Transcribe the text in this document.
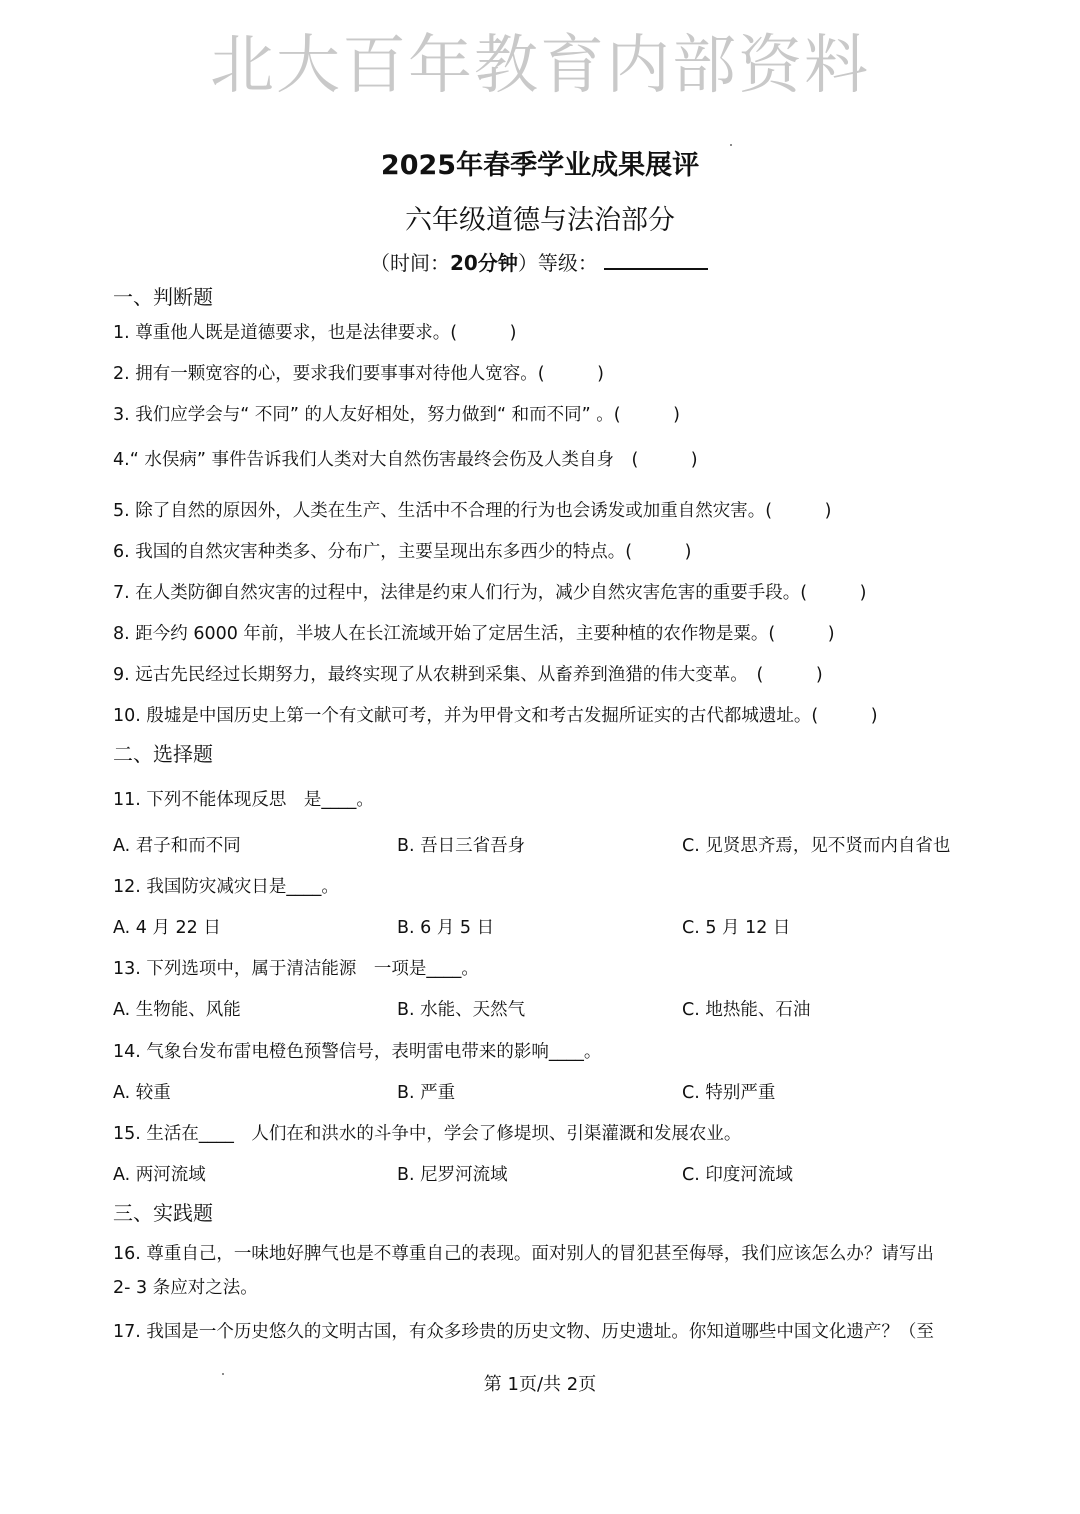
北大百年教育内部资料
2025年春季学业成果展评
六年级道德与法治部分
（时间：20分钟）等级：
一、判断题
1. 尊重他人既是道德要求，也是法律要求。(　　　)
2. 拥有一颗宽容的心，要求我们要事事对待他人宽容。(　　　)
3. 我们应学会与“ 不同” 的人友好相处，努力做到“ 和而不同” 。(　　　)
4.“ 水俣病” 事件告诉我们人类对大自然伤害最终会伤及人类自身　(　　　)
5. 除了自然的原因外，人类在生产、生活中不合理的行为也会诱发或加重自然灾害。(　　　)
6. 我国的自然灾害种类多、分布广，主要呈现出东多西少的特点。(　　　)
7. 在人类防御自然灾害的过程中，法律是约束人们行为，减少自然灾害危害的重要手段。(　　　)
8. 距今约 6000 年前，半坡人在长江流域开始了定居生活，主要种植的农作物是粟。(　　　)
9. 远古先民经过长期努力，最终实现了从农耕到采集、从畜养到渔猎的伟大变革。　(　　　)
10. 殷墟是中国历史上第一个有文献可考，并为甲骨文和考古发掘所证实的古代都城遗址。(　　　)
二、选择题
11. 下列不能体现反思　是____。
A. 君子和而不同	B. 吾日三省吾身	C. 见贤思齐焉，见不贤而内自省也
12. 我国防灾减灾日是____。
A. 4 月 22 日	B. 6 月 5 日	C. 5 月 12 日
13. 下列选项中，属于清洁能源　一项是____。
A. 生物能、风能	B. 水能、天然气	C. 地热能、石油
14. 气象台发布雷电橙色预警信号，表明雷电带来的影响____。
A. 较重	B. 严重	C. 特别严重
15. 生活在____　人们在和洪水的斗争中，学会了修堤坝、引渠灌溉和发展农业。
A. 两河流域	B. 尼罗河流域	C. 印度河流域
三、实践题
16. 尊重自己，一味地好脾气也是不尊重自己的表现。面对别人的冒犯甚至侮辱，我们应该怎么办？请写出
2- 3 条应对之法。
17. 我国是一个历史悠久的文明古国，有众多珍贵的历史文物、历史遗址。你知道哪些中国文化遗产？（至
第 1页/共 2页
